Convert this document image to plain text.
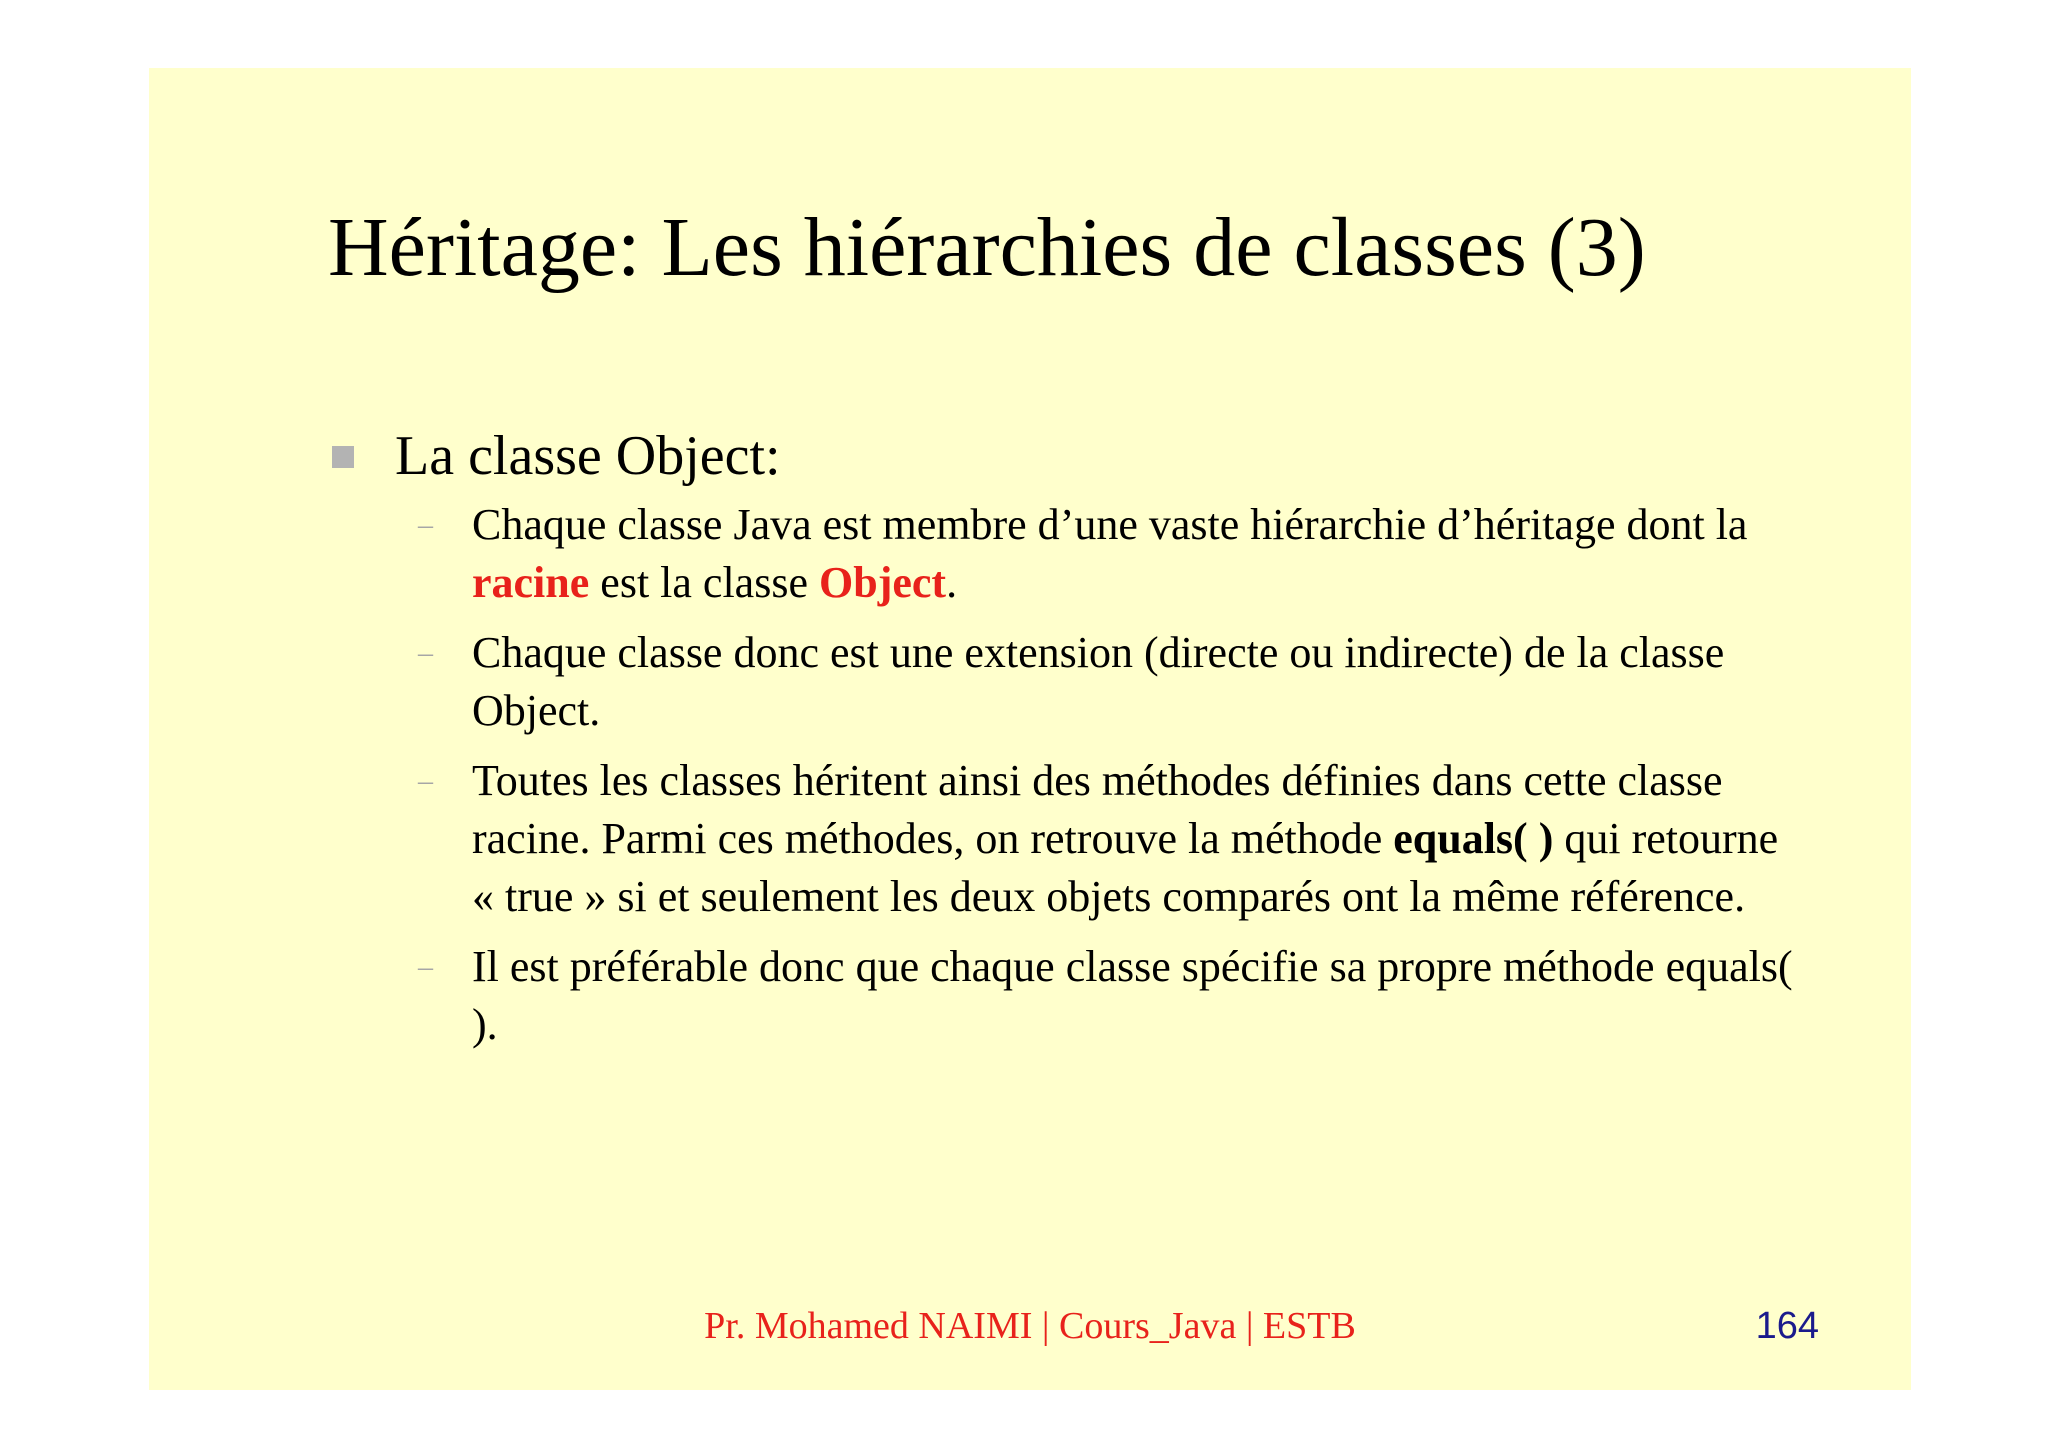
Héritage: Les hiérarchies de classes (3)
La classe Object:
– Chaque classe Java est membre d’une vaste hiérarchie d’héritage dont la racine est la classe Object.
– Chaque classe donc est une extension (directe ou indirecte) de la classe Object.
– Toutes les classes héritent ainsi des méthodes définies dans cette classe racine. Parmi ces méthodes, on retrouve la méthode equals( ) qui retourne « true » si et seulement les deux objets comparés ont la même référence.
– Il est préférable donc que chaque classe spécifie sa propre méthode equals( ).
Pr. Mohamed NAIMI | Cours_Java | ESTB	164
